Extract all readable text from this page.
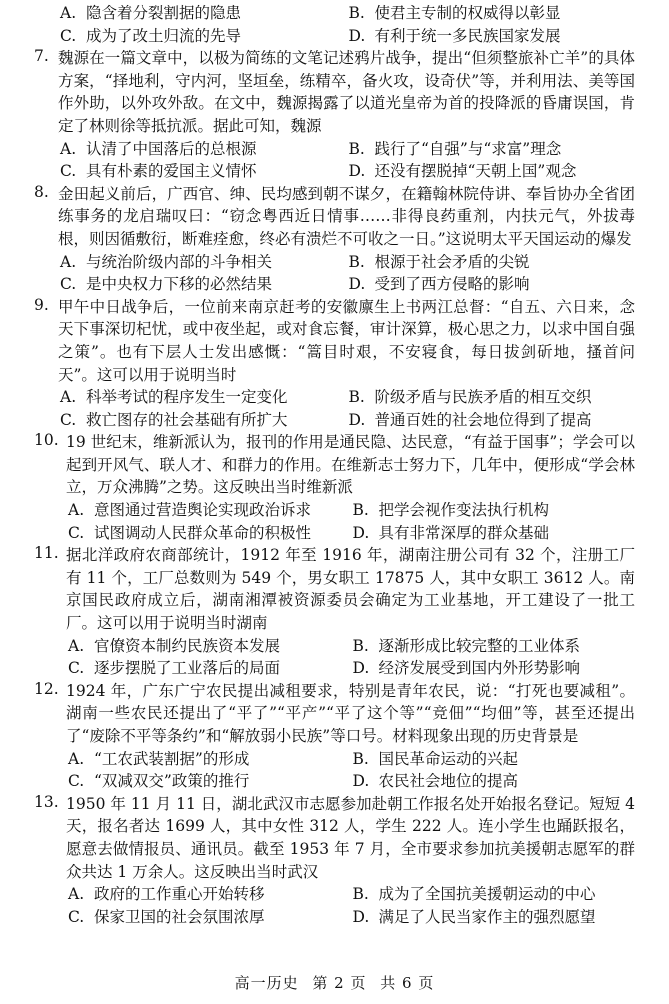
A. 隐含着分裂割据的隐患	B. 使君主专制的权威得以彰显
C. 成为了改土归流的先导	D. 有利于统一多民族国家发展
7. 魏源在一篇文章中，以极为简练的文笔记述鸦片战争，提出“但须整旅补亡羊”的具体方案，“择地利，守内河，坚垣垒，练精卒，备火攻，设奇伏”等，并利用法、美等国作外助，以外攻外敌。在文中，魏源揭露了以道光皇帝为首的投降派的昏庸误国，肯定了林则徐等抵抗派。据此可知，魏源
A. 认清了中国落后的总根源	B. 践行了“自强”与“求富”理念
C. 具有朴素的爱国主义情怀	D. 还没有摆脱掉“天朝上国”观念
8. 金田起义前后，广西官、绅、民均感到朝不谋夕，在籍翰林院侍讲、奉旨协办全省团练事务的龙启瑞叹曰：“窃念粤西近日情事……非得良药重剂，内扶元气，外拔毒根，则因循敷衍，断难痊愈，终必有溃烂不可收之一日。”这说明太平天国运动的爆发
A. 与统治阶级内部的斗争相关	B. 根源于社会矛盾的尖锐
C. 是中央权力下移的必然结果	D. 受到了西方侵略的影响
9. 甲午中日战争后，一位前来南京赶考的安徽廪生上书两江总督：“自五、六日来，念天下事深切杞忧，或中夜坐起，或对食忘餐，审计深算，极心思之力，以求中国自强之策”。也有下层人士发出感慨：“篙目时艰，不安寝食，每日拔剑斫地，搔首问天”。这可以用于说明当时
A. 科举考试的程序发生一定变化	B. 阶级矛盾与民族矛盾的相互交织
C. 救亡图存的社会基础有所扩大	D. 普通百姓的社会地位得到了提高
10. 19 世纪末，维新派认为，报刊的作用是通民隐、达民意，“有益于国事”；学会可以起到开风气、联人才、和群力的作用。在维新志士努力下，几年中，便形成“学会林立，万众沸腾”之势。这反映出当时维新派
A. 意图通过营造舆论实现政治诉求	B. 把学会视作变法执行机构
C. 试图调动人民群众革命的积极性	D. 具有非常深厚的群众基础
11. 据北洋政府农商部统计，1912 年至 1916 年，湖南注册公司有 32 个，注册工厂有 11 个，工厂总数则为 549 个，男女职工 17875 人，其中女职工 3612 人。南京国民政府成立后，湖南湘潭被资源委员会确定为工业基地，开工建设了一批工厂。这可以用于说明当时湖南
A. 官僚资本制约民族资本发展	B. 逐渐形成比较完整的工业体系
C. 逐步摆脱了工业落后的局面	D. 经济发展受到国内外形势影响
12. 1924 年，广东广宁农民提出减租要求，特别是青年农民，说：“打死也要减租”。湖南一些农民还提出了“平了”“平产”“平了这个等”“竞佃”“均佃”等，甚至还提出了“废除不平等条约”和“解放弱小民族”等口号。材料现象出现的历史背景是
A. “工农武装割据”的形成	B. 国民革命运动的兴起
C. “双减双交”政策的推行	D. 农民社会地位的提高
13. 1950 年 11 月 11 日，湖北武汉市志愿参加赴朝工作报名处开始报名登记。短短 4 天，报名者达 1699 人，其中女性 312 人，学生 222 人。连小学生也踊跃报名，愿意去做情报员、通讯员。截至 1953 年 7 月，全市要求参加抗美援朝志愿军的群众共达 1 万余人。这反映出当时武汉
A. 政府的工作重心开始转移	B. 成为了全国抗美援朝运动的中心
C. 保家卫国的社会氛围浓厚	D. 满足了人民当家作主的强烈愿望
高一历史 第 2 页 共 6 页
